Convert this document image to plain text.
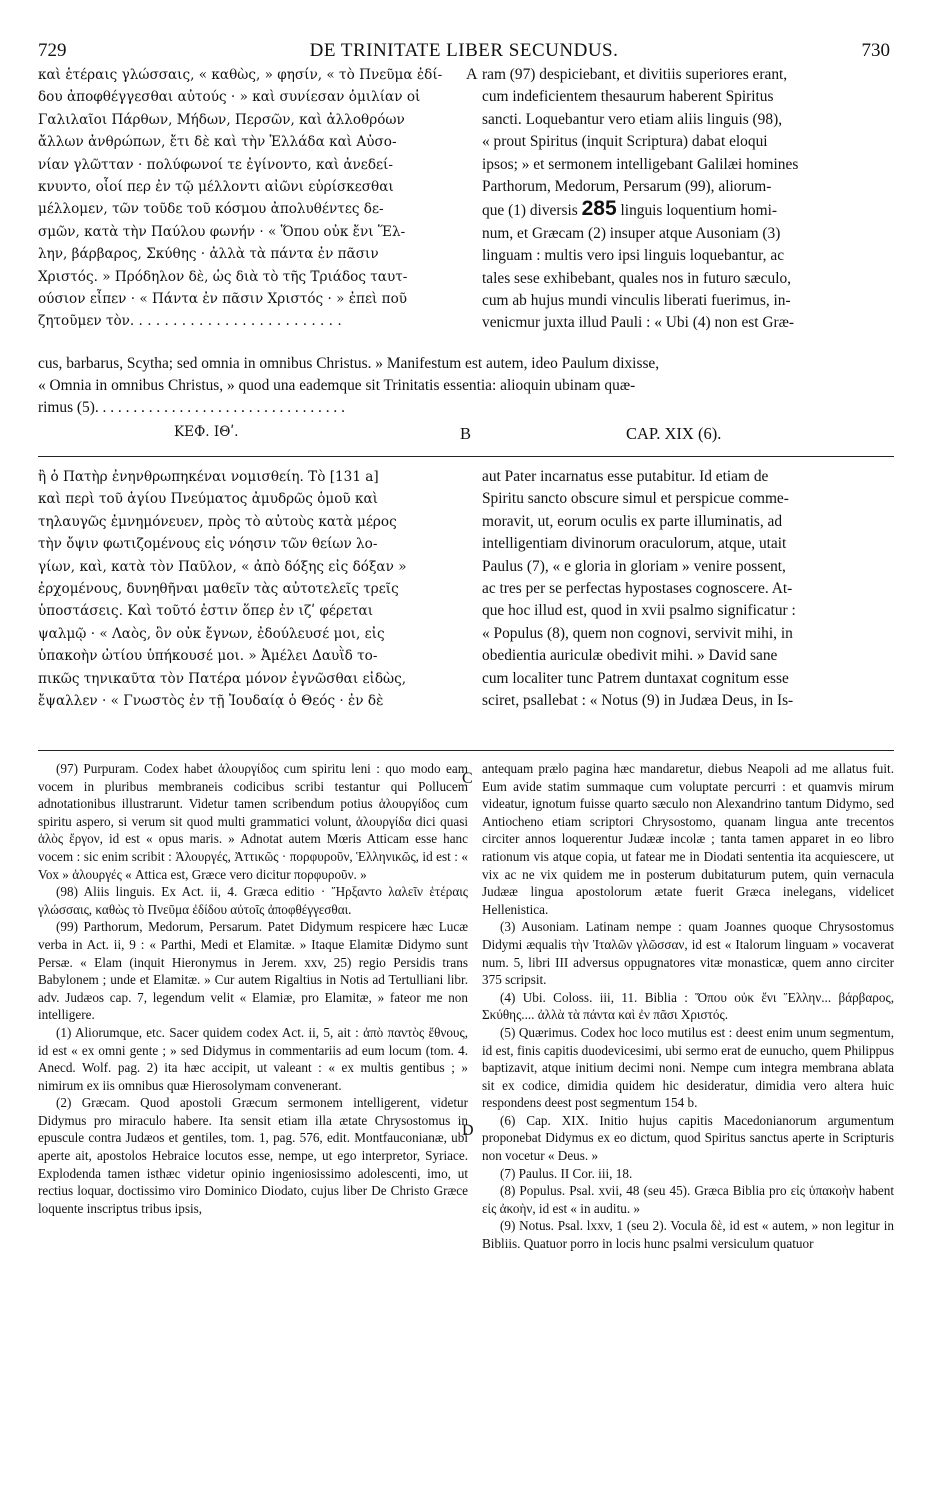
729	DE TRINITATE LIBER SECUNDUS.	730

καὶ ἑτέραις γλώσσαις, « καθὼς, » φησίν, « τὸ Πνεῦμα ἐδί-

δου ἀποφθέγγεσθαι αὐτούς · » καὶ συνίεσαν ὁμιλίαν οἱ

Γαλιλαῖοι Πάρθων, Μήδων, Περσῶν, καὶ ἀλλοθρόων

ἄλλων ἀνθρώπων, ἔτι δὲ καὶ τὴν Ἑλλάδα καὶ Αὐσο-

νίαν γλῶτταν · πολύφωνοί τε ἐγίνοντο, καὶ ἀνεδεί-

κνυντο, οἷοί περ ἐν τῷ μέλλοντι αἰῶνι εὑρίσκεσθαι

μέλλομεν, τῶν τοῦδε τοῦ κόσμου ἀπολυθέντες δε-

σμῶν, κατὰ τὴν Παύλου φωνήν · « Ὅπου οὐκ ἔνι Ἕλ-

λην, βάρβαρος, Σκύθης · ἀλλὰ τὰ πάντα ἐν πᾶσιν

Χριστός. » Πρόδηλον δὲ, ὡς διὰ τὸ τῆς Τριάδος ταυτ-

ούσιον εἶπεν · « Πάντα ἐν πᾶσιν Χριστός · » ἐπεὶ ποῦ

ζητοῦμεν τὸν. . . . . . . . . . . . . . . . . . . . . . . . .

A ram (97) despiciebant, et divitiis superiores erant,

cum indeficientem thesaurum haberent Spiritus

sancti. Loquebantur vero etiam aliis linguis (98),

« prout Spiritus (inquit Scriptura) dabat eloqui

ipsos; » et sermonem intelligebant Galilæi homines

Parthorum, Medorum, Persarum (99), aliorum-

que (1) diversis 285 linguis loquentium homi-

num, et Græcam (2) insuper atque Ausoniam (3)

linguam : multis vero ipsi linguis loquebantur, ac

tales sese exhibebant, quales nos in futuro sæculo,

cum ab hujus mundi vinculis liberati fuerimus, in-

venicmur juxta illud Pauli : « Ubi (4) non est Græ-

cus, barbarus, Scytha; sed omnia in omnibus Christus. » Manifestum est autem, ideo Paulum dixisse,
« Omnia in omnibus Christus, » quod una eademque sit Trinitatis essentia: alioquin ubinam quæ-
rimus (5). . . . . . . . . . . . . . . . . . . . . . . . . . . . . . . . .
ΚΕΦ. ΙΘʹ.	B	CAP. XIX (6).

ἢ ὁ Πατὴρ ἐνηνθρωπηκέναι νομισθείη. Τὸ [131 a]

καὶ περὶ τοῦ ἁγίου Πνεύματος ἀμυδρῶς ὁμοῦ καὶ

τηλαυγῶς ἐμνημόνευεν, πρὸς τὸ αὐτοὺς κατὰ μέρος

τὴν ὄψιν φωτιζομένους εἰς νόησιν τῶν θείων λο-

γίων, καὶ, κατὰ τὸν Παῦλον, « ἀπὸ δόξης εἰς δόξαν »

ἐρχομένους, δυνηθῆναι μαθεῖν τὰς αὐτοτελεῖς τρεῖς

ὑποστάσεις. Καὶ τοῦτό ἐστιν ὅπερ ἐν ιζʹ φέρεται

ψαλμῷ · « Λαὸς, ὃν οὐκ ἔγνων, ἐδούλευσέ μοι, εἰς

ὑπακοὴν ὠτίου ὑπήκουσέ μοι. » Ἀμέλει Δαυῒδ το-

πικῶς τηνικαῦτα τὸν Πατέρα μόνον ἐγνῶσθαι εἰδὼς,

ἔψαλλεν · « Γνωστὸς ἐν τῇ Ἰουδαίᾳ ὁ Θεός · ἐν δὲ

aut Pater incarnatus esse putabitur. Id etiam de

Spiritu sancto obscure simul et perspicue comme-

moravit, ut, eorum oculis ex parte illuminatis, ad

intelligentiam divinorum oraculorum, atque, utait

Paulus (7), « e gloria in gloriam » venire possent,

ac tres per se perfectas hypostases cognoscere. At-

que hoc illud est, quod in xvii psalmo significatur :

« Populus (8), quem non cognovi, servivit mihi, in

obedientia auriculæ obedivit mihi. » David sane

cum localiter tunc Patrem duntaxat cognitum esse

sciret, psallebat : « Notus (9) in Judæa Deus, in Is-

C
D

(97) Purpuram. Codex habet ἀλουργίδος cum spiritu leni : quo modo eam vocem in pluribus membraneis codicibus scribi testantur qui Pollucem adnotationibus illustrarunt. Videtur tamen scribendum potius ἁλουργίδος cum spiritu aspero, si verum sit quod multi grammatici volunt, ἁλουργίδα dici quasi ἁλὸς ἔργον, id est « opus maris. » Adnotat autem Mœris Atticam esse hanc vocem : sic enim scribit : Ἁλουργές, Ἀττικῶς · πορφυροῦν, Ἑλληνικῶς, id est : « Vox » ἁλουργές « Attica est, Græce vero dicitur πορφυροῦν. »

(98) Aliis linguis. Ex Act. ii, 4. Græca editio · Ἤρξαντο λαλεῖν ἑτέραις γλώσσαις, καθὼς τὸ Πνεῦμα ἐδίδου αὐτοῖς ἀποφθέγγεσθαι.

(99) Parthorum, Medorum, Persarum. Patet Didymum respicere hæc Lucæ verba in Act. ii, 9 : « Parthi, Medi et Elamitæ. » Itaque Elamitæ Didymo sunt Persæ. « Elam (inquit Hieronymus in Jerem. xxv, 25) regio Persidis trans Babylonem ; unde et Elamitæ. » Cur autem Rigaltius in Notis ad Tertulliani libr. adv. Judæos cap. 7, legendum velit « Elamiæ, pro Elamitæ, » fateor me non intelligere.

(1) Aliorumque, etc. Sacer quidem codex Act. ii, 5, ait : ἀπὸ παντὸς ἔθνους, id est « ex omni gente ; » sed Didymus in commentariis ad eum locum (tom. 4. Anecd. Wolf. pag. 2) ita hæc accipit, ut valeant : « ex multis gentibus ; » nimirum ex iis omnibus quæ Hierosolymam convenerant.

(2) Græcam. Quod apostoli Græcum sermonem intelligerent, videtur Didymus pro miraculo habere. Ita sensit etiam illa ætate Chrysostomus in epuscule contra Judæos et gentiles, tom. 1, pag. 576, edit. Montfauconianæ, ubi aperte ait, apostolos Hebraice locutos esse, nempe, ut ego interpretor, Syriace. Explodenda tamen isthæc videtur opinio ingeniosissimo adolescenti, imo, ut rectius loquar, doctissimo viro Dominico Diodato, cujus liber De Christo Græce loquente inscriptus tribus ipsis,

antequam prælo pagina hæc mandaretur, diebus Neapoli ad me allatus fuit. Eum avide statim summaque cum voluptate percurri : et quamvis mirum videatur, ignotum fuisse quarto sæculo non Alexandrino tantum Didymo, sed Antiocheno etiam scriptori Chrysostomo, quanam lingua ante trecentos circiter annos loquerentur Judææ incolæ ; tanta tamen apparet in eo libro rationum vis atque copia, ut fatear me in Diodati sententia ita acquiescere, ut vix ac ne vix quidem me in posterum dubitaturum putem, quin vernacula Judææ lingua apostolorum ætate fuerit Græca inelegans, videlicet Hellenistica.

(3) Ausoniam. Latinam nempe : quam Joannes quoque Chrysostomus Didymi æqualis τὴν Ἰταλῶν γλῶσσαν, id est « Italorum linguam » vocaverat num. 5, libri III adversus oppugnatores vitæ monasticæ, quem anno circiter 375 scripsit.

(4) Ubi. Coloss. iii, 11. Biblia : Ὅπου οὐκ ἔνι Ἕλλην... βάρβαρος, Σκύθης.... ἀλλὰ τὰ πάντα καὶ ἐν πᾶσι Χριστός.

(5) Quærimus. Codex hoc loco mutilus est : deest enim unum segmentum, id est, finis capitis duodevicesimi, ubi sermo erat de eunucho, quem Philippus baptizavit, atque initium decimi noni. Nempe cum integra membrana ablata sit ex codice, dimidia quidem hic desideratur, dimidia vero altera huic respondens deest post segmentum 154 b.

(6) Cap. XIX. Initio hujus capitis Macedonianorum argumentum proponebat Didymus ex eo dictum, quod Spiritus sanctus aperte in Scripturis non vocetur « Deus. »

(7) Paulus. II Cor. iii, 18.

(8) Populus. Psal. xvii, 48 (seu 45). Græca Biblia pro εἰς ὑπακοὴν habent εἰς ἀκοὴν, id est « in auditu. »

(9) Notus. Psal. lxxv, 1 (seu 2). Vocula δὲ, id est « autem, » non legitur in Bibliis. Quatuor porro in locis hunc psalmi versiculum quatuor
